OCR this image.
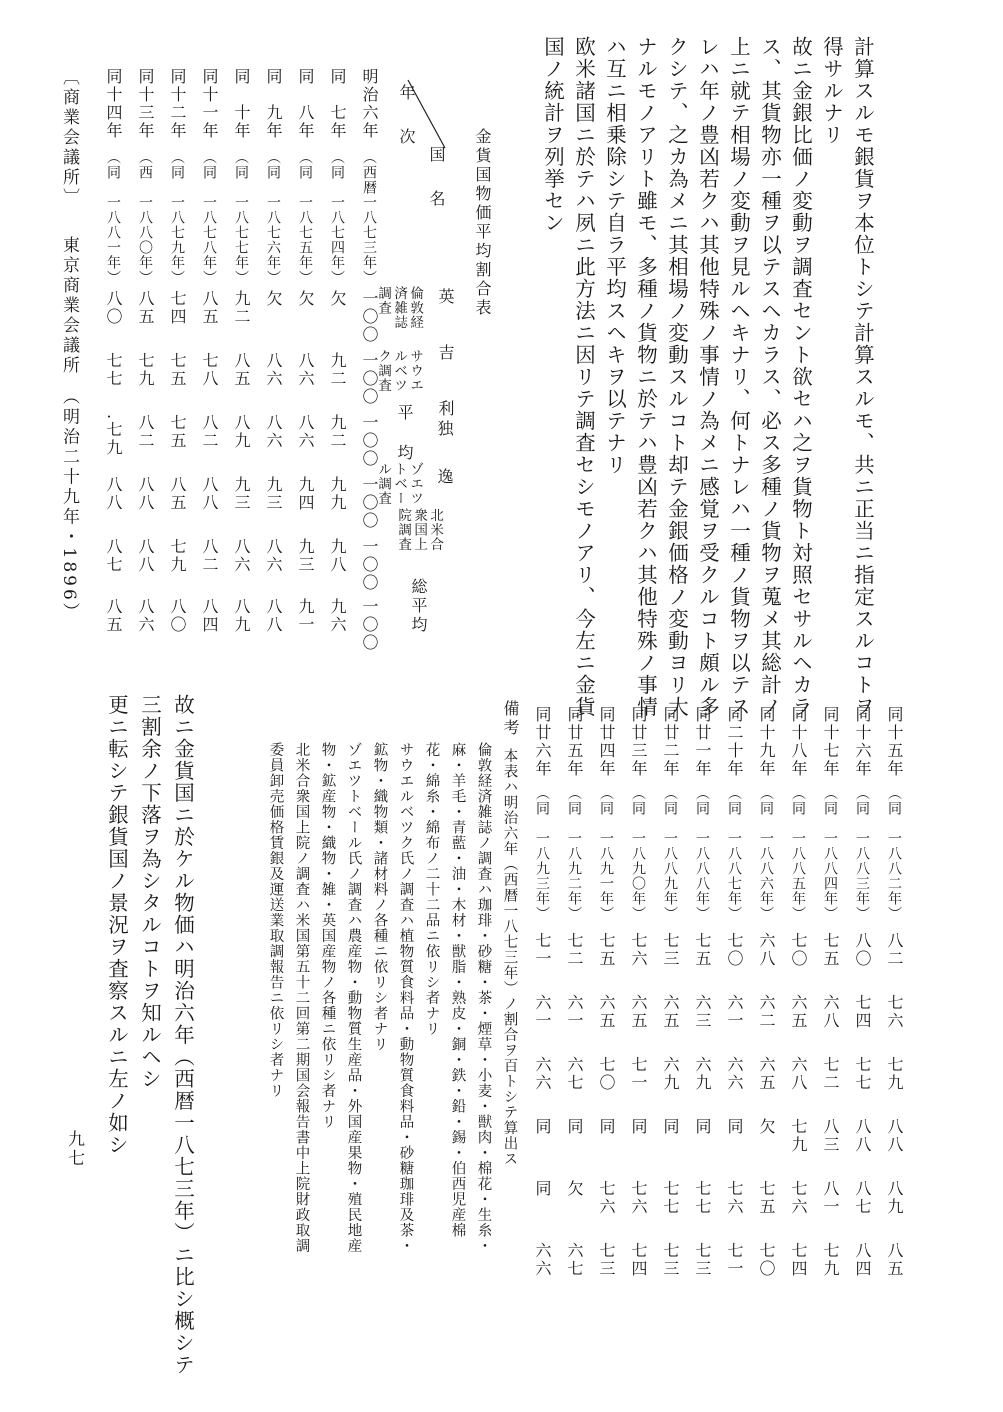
計算スルモ銀貨ヲ本位トシテ計算スルモ、共ニ正当ニ指定スルコトヲ
得サルナリ
故ニ金銀比価ノ変動ヲ調査セント欲セハ之ヲ貨物ト対照セサルヘカラ
ス、其貨物亦一種ヲ以テスヘカラス、必ス多種ノ貨物ヲ蒐メ其総計ノ
上ニ就テ相場ノ変動ヲ見ルヘキナリ、何トナレハ一種ノ貨物ヲ以テス
レハ年ノ豊凶若クハ其他特殊ノ事情ノ為メニ感覚ヲ受クルコト頗ル多
クシテ、之カ為メニ其相場ノ変動スルコト却テ金銀価格ノ変動ヨリ大
ナルモノアリト雖モ、多種ノ貨物ニ於テハ豊凶若クハ其他特殊ノ事情
ハ互ニ相乗除シテ自ラ平均スヘキヲ以テナリ
欧米諸国ニ於テハ夙ニ此方法ニ因リテ調査セシモノアリ、今左ニ金貨
国ノ統計ヲ列挙セン
金貨国物価平均割合表
国　名
年　次
英　吉　利
倫敦経
済雑誌
調査
サウエ
ルベツ
ク調査
平　均 独　逸
ゾエツ
トベー
ル調査
北米合
衆国上
院調査
総平均
明治六年
（西暦一八七三年）
一〇〇
一〇〇
一〇〇
一〇〇
一〇〇
一〇〇
同　七年
（同　一八七四年）
欠
九二
九二
九九
九八
九六
同　八年
（同　一八七五年）
欠
八六
八六
九四
九三
九一
同　九年
（同　一八七六年）
欠
八六
八六
九三
八六
八八
同　十年
（同　一八七七年）
九二
八五
八九
九三
八六
八九
同十一年
（同　一八七八年）
八五
七八
八二
八八
八二
八四
同十二年
（同　一八七九年）
七四
七五
七五
八五
七九
八〇
同十三年
（西　一八八〇年）
八五
七九
八二
八八
八八
八六
同十四年
（同　一八八一年）
八〇
七七
.七九
八八
八七
八五
〔商業会議所〕
東京商業会議所　（明治二十九年・1896）
同十五年
（同　一八八二年）
八二
七六
七九
八八
八九
八五
同十六年
（同　一八八三年）
八〇
七四
七七
八八
八七
八四
同十七年
（同　一八八四年）
七五
六八
七二
八三
八一
七九
同十八年
（同　一八八五年）
七〇
六五
六八
七九
七六
七四
同十九年
（同　一八八六年）
六八
六二
六五
欠
七五
七〇
同二十年
（同　一八八七年）
七〇
六一
六六
同
七六
七一
同廿一年
（同　一八八八年）
七五
六三
六九
同
七七
七三
同廿二年
（同　一八八九年）
七三
六五
六九
同
七七
七三
同廿三年
（同　一八九〇年）
七六
六五
七一
同
七六
七四
同廿四年
（同　一八九一年）
七五
六五
七〇
同
七六
七三
同廿五年
（同　一八九二年）
七二
六一
六七
同
欠
六七
同廿六年
（同　一八九三年）
七一
六一
六六
同
同
六六
備考
本表ハ明治六年（西暦一八七三年）ノ割合ヲ百トシテ算出ス
倫敦経済雑誌ノ調査ハ珈琲・砂糖・茶・煙草・小麦・獣肉・棉花・生糸・
麻・羊毛・青藍・油・木材・獣脂・熟皮・銅・鉄・鉛・錫・伯西児産棉
花・綿糸・綿布ノ二十二品ニ依リシ者ナリ
サウエルベツク氏ノ調査ハ植物質食料品・動物質食料品・砂糖珈琲及茶・
鉱物・織物類・諸材料ノ各種ニ依リシ者ナリ
ゾエツトベール氏ノ調査ハ農産物・動物質生産品・外国産果物・殖民地産
物・鉱産物・織物・雑・英国産物ノ各種ニ依リシ者ナリ
北米合衆国上院ノ調査ハ米国第五十二回第二期国会報告書中上院財政取調
委員卸売価格賃銀及運送業取調報告ニ依リシ者ナリ
故ニ金貨国ニ於ケル物価ハ明治六年（西暦一八七三年）ニ比シ概シテ
三割余ノ下落ヲ為シタルコトヲ知ルヘシ
更ニ転シテ銀貨国ノ景況ヲ査察スルニ左ノ如シ
九七
